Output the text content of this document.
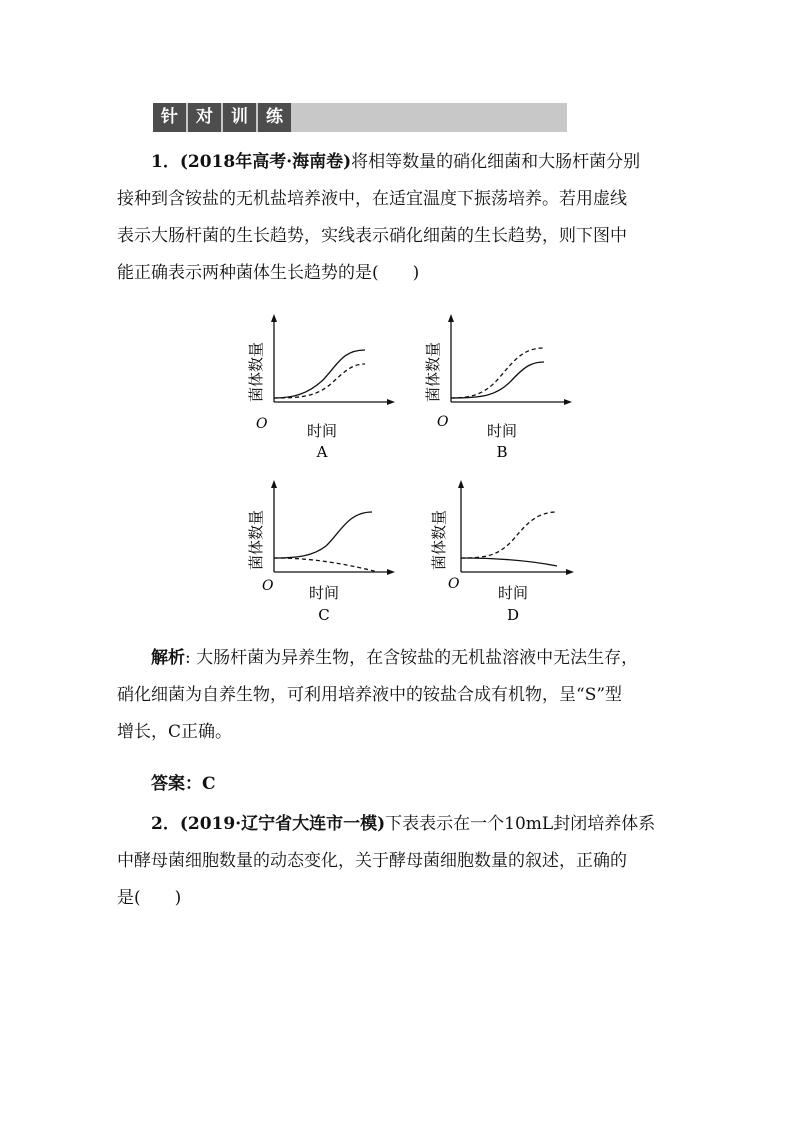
针	对	训	练
1．(2018年高考·海南卷)将相等数量的硝化细菌和大肠杆菌分别
接种到含铵盐的无机盐培养液中，在适宜温度下振荡培养。若用虚线
表示大肠杆菌的生长趋势，实线表示硝化细菌的生长趋势，则下图中
能正确表示两种菌体生长趋势的是(　　)
菌体数量
O	时间
A
菌体数量
O	时间
B
菌体数量
O 时间
C
菌体数量
O	时间
D
解析: 大肠杆菌为异养生物，在含铵盐的无机盐溶液中无法生存，
硝化细菌为自养生物，可利用培养液中的铵盐合成有机物，呈“S”型
增长，C正确。
答案：C
2．(2019·辽宁省大连市一模)下表表示在一个10mL封闭培养体系
中酵母菌细胞数量的动态变化，关于酵母菌细胞数量的叙述，正确的
是(　　)
